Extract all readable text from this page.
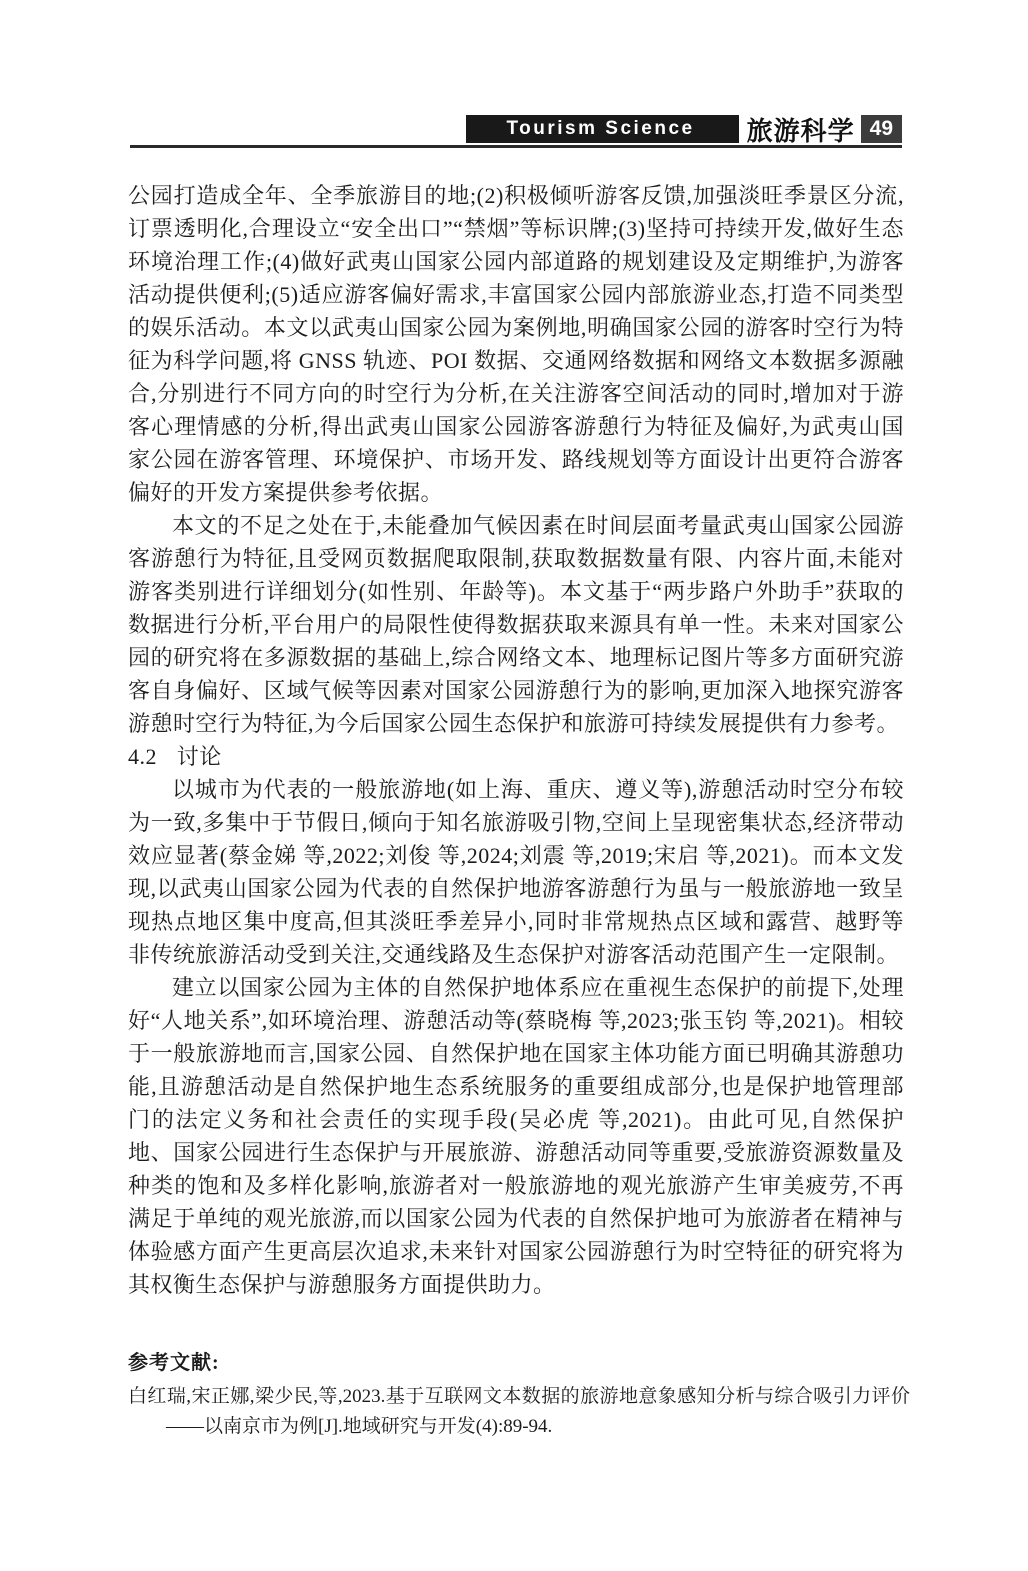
Tourism Science	旅游科学 49

公园打造成全年、全季旅游目的地;(2)积极倾听游客反馈,加强淡旺季景区分流,订票透明化,合理设立“安全出口”“禁烟”等标识牌;(3)坚持可持续开发,做好生态环境治理工作;(4)做好武夷山国家公园内部道路的规划建设及定期维护,为游客活动提供便利;(5)适应游客偏好需求,丰富国家公园内部旅游业态,打造不同类型的娱乐活动。本文以武夷山国家公园为案例地,明确国家公园的游客时空行为特征为科学问题,将 GNSS 轨迹、POI 数据、交通网络数据和网络文本数据多源融合,分别进行不同方向的时空行为分析,在关注游客空间活动的同时,增加对于游客心理情感的分析,得出武夷山国家公园游客游憩行为特征及偏好,为武夷山国家公园在游客管理、环境保护、市场开发、路线规划等方面设计出更符合游客偏好的开发方案提供参考依据。

本文的不足之处在于,未能叠加气候因素在时间层面考量武夷山国家公园游客游憩行为特征,且受网页数据爬取限制,获取数据数量有限、内容片面,未能对游客类别进行详细划分(如性别、年龄等)。本文基于“两步路户外助手”获取的数据进行分析,平台用户的局限性使得数据获取来源具有单一性。未来对国家公园的研究将在多源数据的基础上,综合网络文本、地理标记图片等多方面研究游客自身偏好、区域气候等因素对国家公园游憩行为的影响,更加深入地探究游客游憩时空行为特征,为今后国家公园生态保护和旅游可持续发展提供有力参考。

4.2 讨论

以城市为代表的一般旅游地(如上海、重庆、遵义等),游憩活动时空分布较为一致,多集中于节假日,倾向于知名旅游吸引物,空间上呈现密集状态,经济带动效应显著(蔡金娣 等,2022;刘俊 等,2024;刘震 等,2019;宋启 等,2021)。而本文发现,以武夷山国家公园为代表的自然保护地游客游憩行为虽与一般旅游地一致呈现热点地区集中度高,但其淡旺季差异小,同时非常规热点区域和露营、越野等非传统旅游活动受到关注,交通线路及生态保护对游客活动范围产生一定限制。

建立以国家公园为主体的自然保护地体系应在重视生态保护的前提下,处理好“人地关系”,如环境治理、游憩活动等(蔡晓梅 等,2023;张玉钧 等,2021)。相较于一般旅游地而言,国家公园、自然保护地在国家主体功能方面已明确其游憩功能,且游憩活动是自然保护地生态系统服务的重要组成部分,也是保护地管理部门的法定义务和社会责任的实现手段(吴必虎 等,2021)。由此可见,自然保护地、国家公园进行生态保护与开展旅游、游憩活动同等重要,受旅游资源数量及种类的饱和及多样化影响,旅游者对一般旅游地的观光旅游产生审美疲劳,不再满足于单纯的观光旅游,而以国家公园为代表的自然保护地可为旅游者在精神与体验感方面产生更高层次追求,未来针对国家公园游憩行为时空特征的研究将为其权衡生态保护与游憩服务方面提供助力。

参考文献:
白红瑞,宋正娜,梁少民,等,2023.基于互联网文本数据的旅游地意象感知分析与综合吸引力评价——以南京市为例[J].地域研究与开发(4):89-94.
